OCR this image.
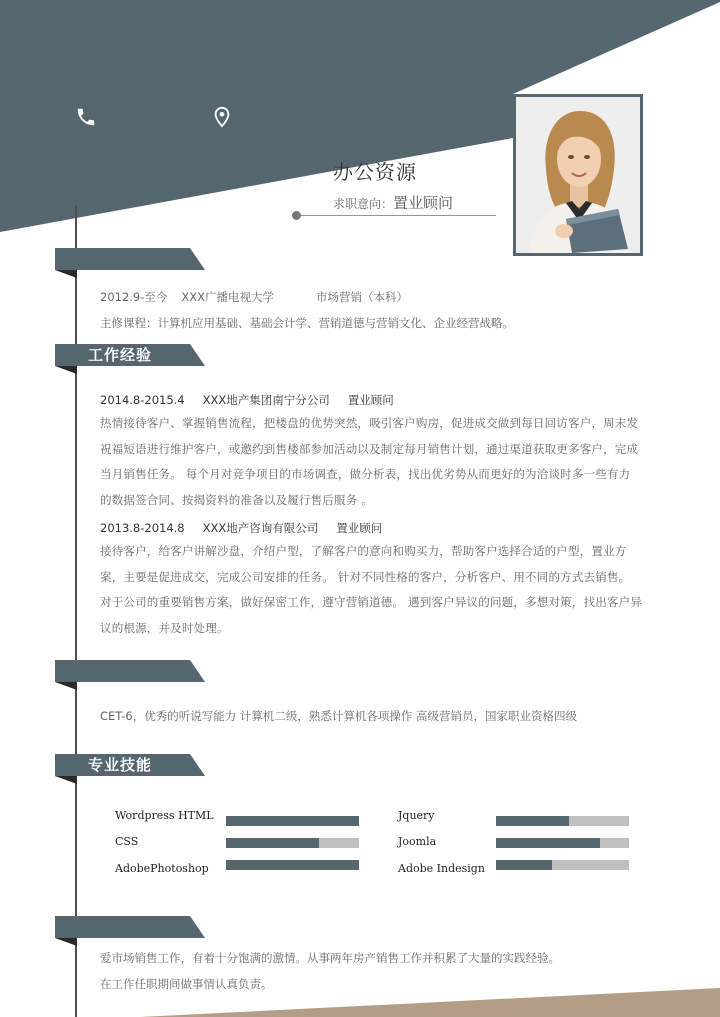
办公资源
求职意向：置业顾问
2012.9-至今 XXX广播电视大学	市场营销（本科）
主修课程：计算机应用基础、基础会计学、营销道德与营销文化、企业经营战略。
工作经验
2014.8-2015.4 XXX地产集团南宁分公司 置业顾问
热情接待客户、掌握销售流程，把楼盘的优势突然，吸引客户购房，促进成交做到每日回访客户，周末发祝福短语进行维护客户，或邀约到售楼部参加活动以及制定每月销售计划，通过渠道获取更多客户，完成当月销售任务。 每个月对竞争项目的市场调查，做分析表，找出优劣势从而更好的为洽谈时多一些有力 的数据签合同、按揭资料的准备以及履行售后服务 。
2013.8-2014.8 XXX地产咨询有限公司 置业顾问
接待客户，给客户讲解沙盘，介绍户型，了解客户的意向和购买力，帮助客户选择合适的户型，置业方案，主要是促进成交，完成公司安排的任务。 针对不同性格的客户，分析客户、用不同的方式去销售。 对于公司的重要销售方案，做好保密工作，遵守营销道德。 遇到客户异议的问题，多想对策，找出客户异议的根源，并及时处理。
CET-6，优秀的听说写能力 计算机二级，熟悉计算机各项操作 高级营销员，国家职业资格四级
专业技能
Wordpress HTML
CSS
AdobePhotoshop
Jquery
Joomla
Adobe Indesign
爱市场销售工作，有着十分饱满的激情。从事两年房产销售工作并积累了大量的实践经验。
在工作任职期间做事情认真负责。
